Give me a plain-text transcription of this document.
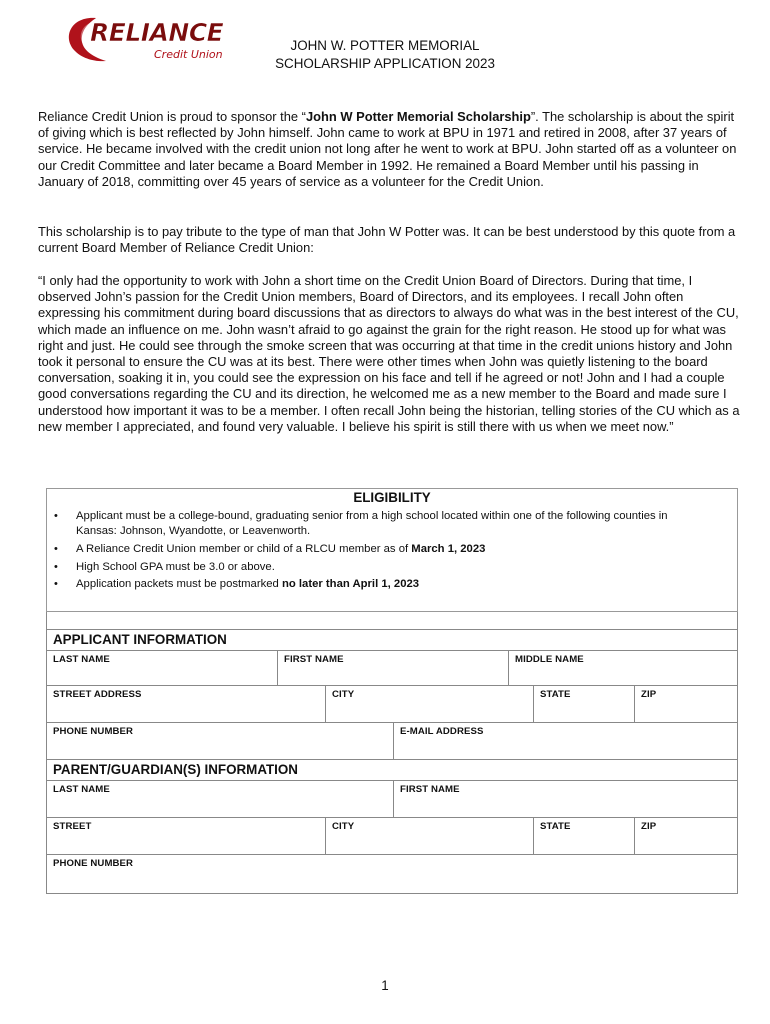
RELIANCE
Credit Union
JOHN W. POTTER MEMORIAL
SCHOLARSHIP APPLICATION 2023

Reliance Credit Union is proud to sponsor the “John W Potter Memorial Scholarship”. The scholarship is about the spirit of giving which is best reflected by John himself. John came to work at BPU in 1971 and retired in 2008, after 37 years of service. He became involved with the credit union not long after he went to work at BPU. John started off as a volunteer on our Credit Committee and later became a Board Member in 1992. He remained a Board Member until his passing in January of 2018, committing over 45 years of service as a volunteer for the Credit Union.

This scholarship is to pay tribute to the type of man that John W Potter was. It can be best understood by this quote from a current Board Member of Reliance Credit Union:

“I only had the opportunity to work with John a short time on the Credit Union Board of Directors. During that time, I observed John’s passion for the Credit Union members, Board of Directors, and its employees. I recall John often expressing his commitment during board discussions that as directors to always do what was in the best interest of the CU, which made an influence on me. John wasn’t afraid to go against the grain for the right reason. He stood up for what was right and just. He could see through the smoke screen that was occurring at that time in the credit unions history and John took it personal to ensure the CU was at its best. There were other times when John was quietly listening to the board conversation, soaking it in, you could see the expression on his face and tell if he agreed or not! John and I had a couple good conversations regarding the CU and its direction, he welcomed me as a new member to the Board and made sure I understood how important it was to be a member. I often recall John being the historian, telling stories of the CU which as a new member I appreciated, and found very valuable. I believe his spirit is still there with us when we meet now.”

ELIGIBILITY
• Applicant must be a college-bound, graduating senior from a high school located within one of the following counties in Kansas: Johnson, Wyandotte, or Leavenworth.
• A Reliance Credit Union member or child of a RLCU member as of March 1, 2023
• High School GPA must be 3.0 or above.
• Application packets must be postmarked no later than April 1, 2023
APPLICANT INFORMATION
LAST NAME	FIRST NAME	MIDDLE NAME
STREET ADDRESS	CITY	STATE	ZIP
PHONE NUMBER	E-MAIL ADDRESS
PARENT/GUARDIAN(S) INFORMATION
LAST NAME	FIRST NAME
STREET	CITY	STATE	ZIP
PHONE NUMBER
1
